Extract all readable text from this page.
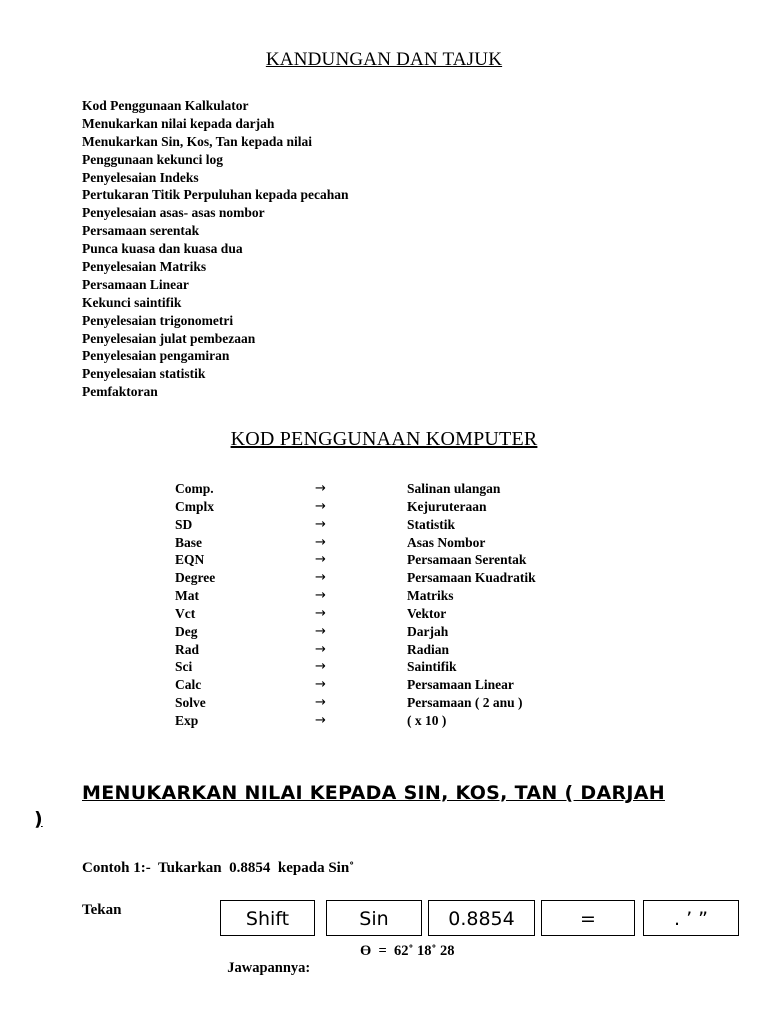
KANDUNGAN DAN TAJUK
Kod Penggunaan Kalkulator
Menukarkan nilai kepada darjah
Menukarkan Sin, Kos, Tan kepada nilai
Penggunaan kekunci log
Penyelesaian Indeks
Pertukaran Titik Perpuluhan kepada pecahan
Penyelesaian asas- asas nombor
Persamaan serentak
Punca kuasa dan kuasa dua
Penyelesaian Matriks
Persamaan Linear
Kekunci saintifik
Penyelesaian trigonometri
Penyelesaian julat pembezaan
Penyelesaian pengamiran
Penyelesaian statistik
Pemfaktoran
KOD PENGGUNAAN KOMPUTER
Comp.	→	Salinan ulangan
Cmplx	→	Kejuruteraan
SD	→	Statistik
Base	→	Asas Nombor
EQN	→	Persamaan Serentak
Degree	→	Persamaan Kuadratik
Mat	→	Matriks
Vct	→	Vektor
Deg	→	Darjah
Rad	→	Radian
Sci	→	Saintifik
Calc	→	Persamaan Linear
Solve	→	Persamaan ( 2 anu )
Exp	→	( x 10 )
MENUKARKAN NILAI KEPADA SIN, KOS, TAN ( DARJAH
)
Contoh 1:-  Tukarkan  0.8854  kepada Sin˚
Tekan	Shift	Sin	0.8854	=	. ’ ”

Jawapannya:

Ө  =  62˚ 18˚ 28
